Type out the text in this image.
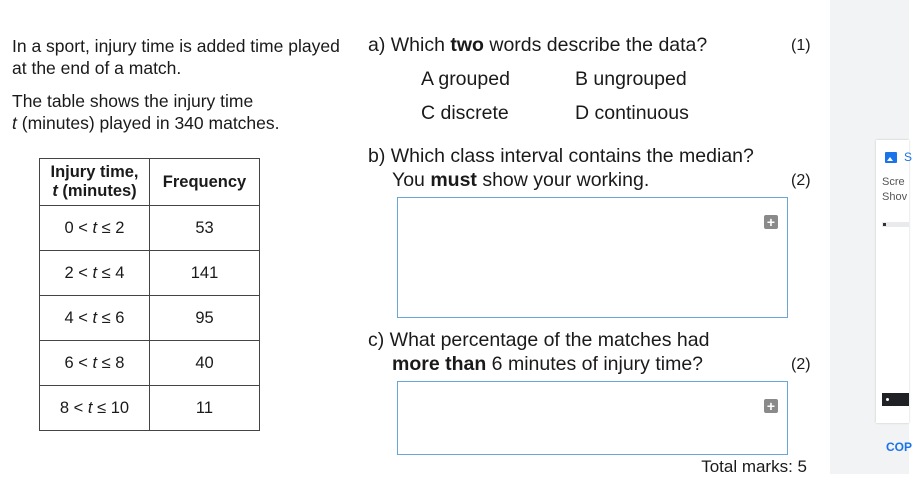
In a sport, injury time is added time played at the end of a match.
The table shows the injury time
t (minutes) played in 340 matches.
Injury time,
t (minutes)	Frequency
0 < t ≤ 2	53
2 < t ≤ 4	141
4 < t ≤ 6	95
6 < t ≤ 8	40
8 < t ≤ 10	11
a) Which two words describe the data?	(1)
A grouped	B ungrouped
C discrete	D continuous
b) Which class interval contains the median?
You must show your working.	(2)
+
c) What percentage of the matches had
more than 6 minutes of injury time?	(2)
+
Total marks: 5
S
Scre
Shov
COP
